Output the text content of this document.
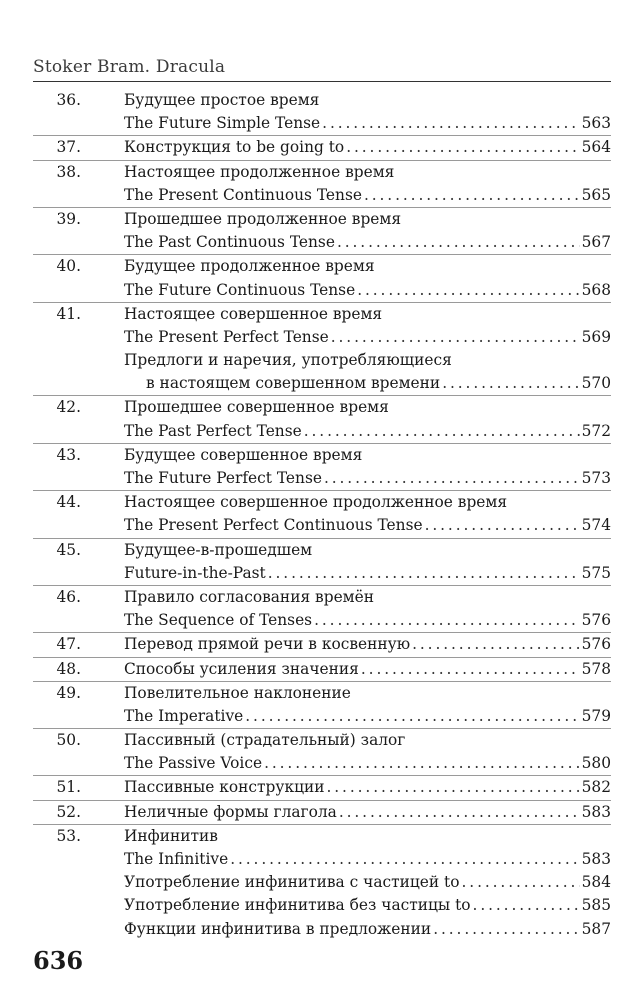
Stoker Bram. Dracula
36.	Будущее простое время
The Future Simple Tense . . .	563
37.	Конструкция to be going to . . .	564
38.	Настоящее продолженное время
The Present Continuous Tense . . .	565
39.	Прошедшее продолженное время
The Past Continuous Tense . . .	567
40.	Будущее продолженное время
The Future Continuous Tense . . .	568
41.	Настоящее совершенное время
The Present Perfect Tense . . .	569
Предлоги и наречия, употребляющиеся
в настоящем совершенном времени . . .	570
42.	Прошедшее совершенное время
The Past Perfect Tense . . .	572
43.	Будущее совершенное время
The Future Perfect Tense . . .	573
44.	Настоящее совершенное продолженное время
The Present Perfect Continuous Tense . . .	574
45.	Будущее-в-прошедшем
Future-in-the-Past . . .	575
46.	Правило согласования времён
The Sequence of Tenses . . .	576
47.	Перевод прямой речи в косвенную . . .	576
48.	Способы усиления значения . . .	578
49.	Повелительное наклонение
The Imperative . . .	579
50.	Пассивный (страдательный) залог
The Passive Voice . . .	580
51.	Пассивные конструкции . . .	582
52.	Неличные формы глагола . . .	583
53.	Инфинитив
The Infinitive . . .	583
Употребление инфинитива с частицей to . . .	584
Употребление инфинитива без частицы to . . .	585
Функции инфинитива в предложении . . .	587
636
